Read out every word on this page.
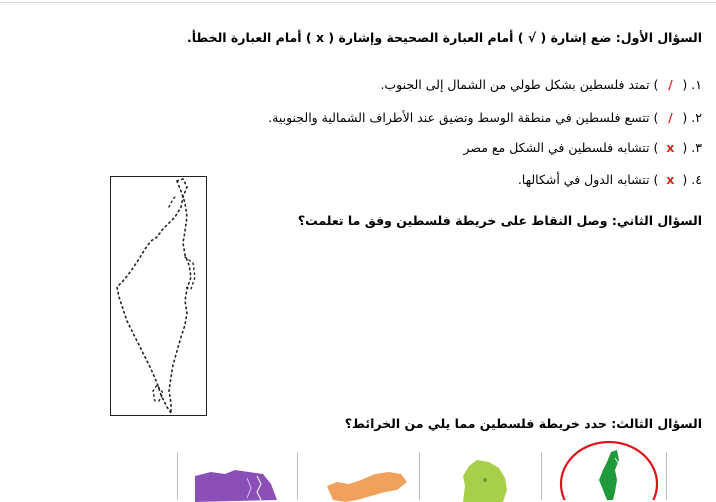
السؤال الأول: ضع إشارة ( √ ) أمام العبارة الصحيحة وإشارة ( x ) أمام العبارة الخطأ.
١.
(
/
)
تمتد فلسطين بشكل طولي من الشمال إلى الجنوب.
٢.
(
/
)
تتسع فلسطين في منطقة الوسط وتضيق عند الأطراف الشمالية والجنوبية.
٣.
(
x
)
تتشابه فلسطين في الشكل مع مصر
٤.
(
x
)
تتشابه الدول في أشكالها.
السؤال الثاني: وصل النقاط على خريطة فلسطين وفق ما تعلمت؟
السؤال الثالث: حدد خريطة فلسطين مما يلي من الخرائط؟
